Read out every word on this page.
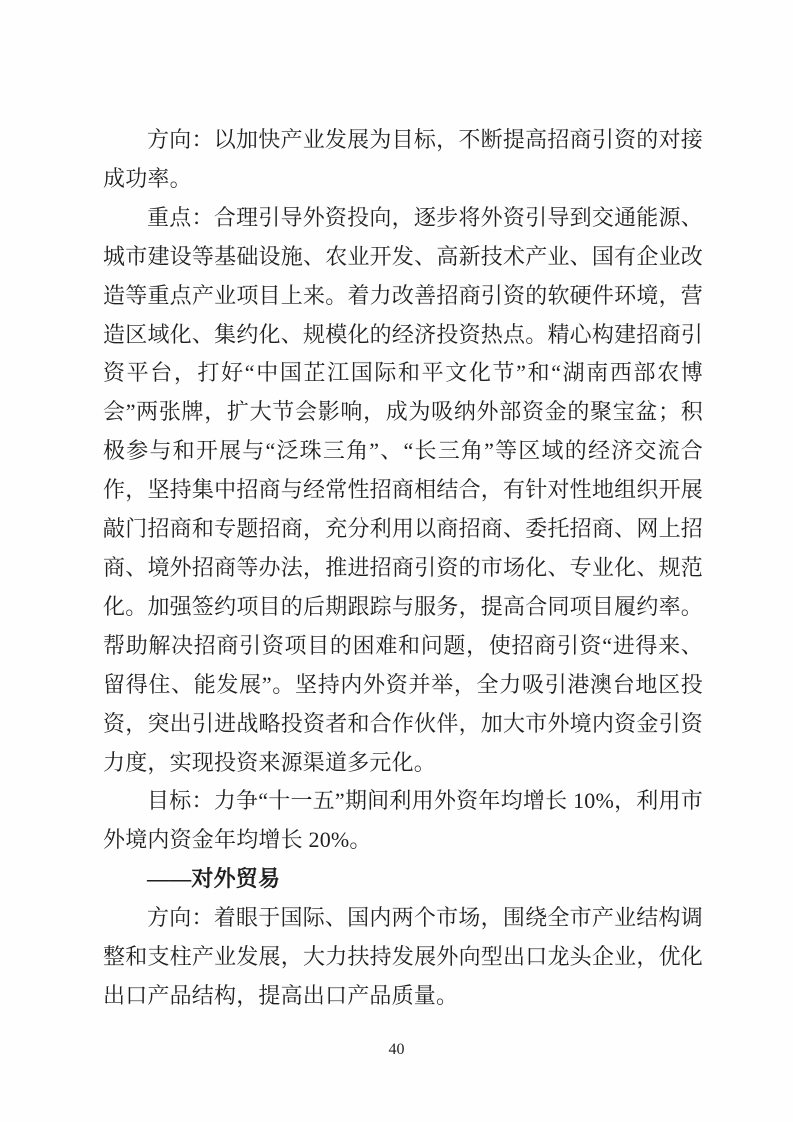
方向：以加快产业发展为目标，不断提高招商引资的对接成功率。

重点：合理引导外资投向，逐步将外资引导到交通能源、城市建设等基础设施、农业开发、高新技术产业、国有企业改造等重点产业项目上来。着力改善招商引资的软硬件环境，营造区域化、集约化、规模化的经济投资热点。精心构建招商引资平台，打好“中国芷江国际和平文化节”和“湖南西部农博会”两张牌，扩大节会影响，成为吸纳外部资金的聚宝盆；积极参与和开展与“泛珠三角”、“长三角”等区域的经济交流合作，坚持集中招商与经常性招商相结合，有针对性地组织开展敲门招商和专题招商，充分利用以商招商、委托招商、网上招商、境外招商等办法，推进招商引资的市场化、专业化、规范化。加强签约项目的后期跟踪与服务，提高合同项目履约率。帮助解决招商引资项目的困难和问题，使招商引资“进得来、留得住、能发展”。坚持内外资并举，全力吸引港澳台地区投资，突出引进战略投资者和合作伙伴，加大市外境内资金引资力度，实现投资来源渠道多元化。

目标：力争“十一五”期间利用外资年均增长 10%，利用市外境内资金年均增长 20%。

——对外贸易

方向：着眼于国际、国内两个市场，围绕全市产业结构调整和支柱产业发展，大力扶持发展外向型出口龙头企业，优化出口产品结构，提高出口产品质量。

40
